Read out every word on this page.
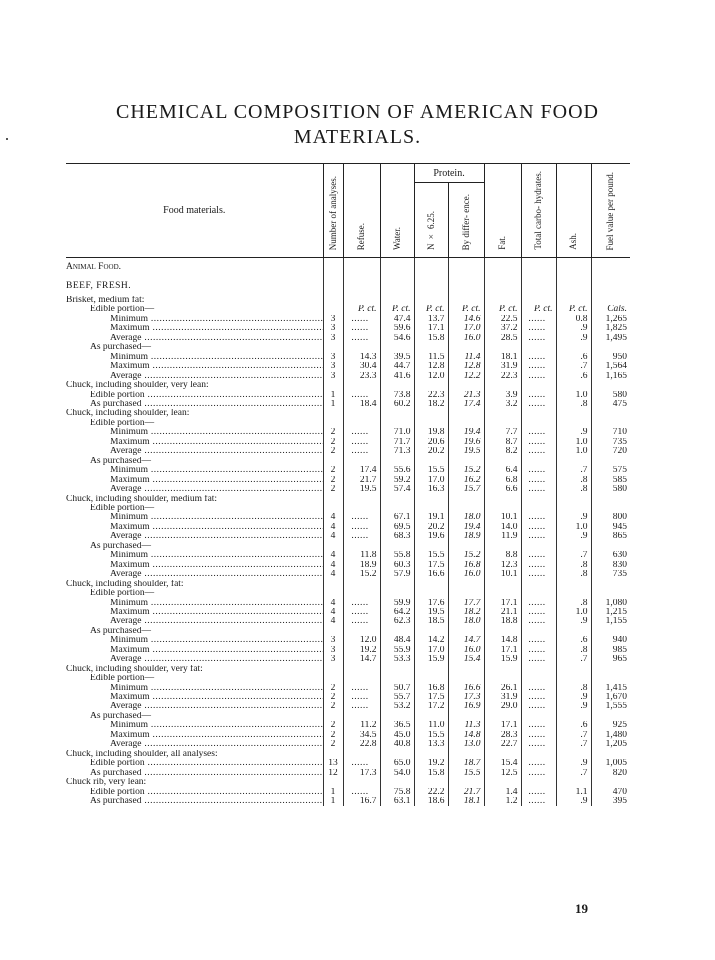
CHEMICAL COMPOSITION OF AMERICAN FOOD
MATERIALS.
Food materials.	Number of analyses.	Refuse.	Water.	Protein.		Fat.	Total carbo- hydrates.	Ash.	Fuel value per pound.
				N × 6.25.	By differ- ence.				
Animal Food.									
BEEF, FRESH.									
Brisket, medium fat:									
Edible portion—		P. ct.	P. ct.	P. ct.	P. ct.	P. ct.	P. ct.	P. ct.	Cals.
Minimum .....	3	......	47.4	13.7	14.6	22.5	......	0.8	1,265
Maximum .....	3	......	59.6	17.1	17.0	37.2	......	.9	1,825
Average .....	3	......	54.6	15.8	16.0	28.5	......	.9	1,495
As purchased—									
Minimum .....	3	14.3	39.5	11.5	11.4	18.1	......	.6	950
Maximum .....	3	30.4	44.7	12.8	12.8	31.9	......	.7	1,564
Average .....	3	23.3	41.6	12.0	12.2	22.3	......	.6	1,165
Chuck, including shoulder, very lean:									
Edible portion .....	1	......	73.8	22.3	21.3	3.9	......	1.0	580
As purchased .....	1	18.4	60.2	18.2	17.4	3.2	......	.8	475
Chuck, including shoulder, lean:									
Edible portion—									
Minimum .....	2	......	71.0	19.8	19.4	7.7	......	.9	710
Maximum .....	2	......	71.7	20.6	19.6	8.7	......	1.0	735
Average .....	2	......	71.3	20.2	19.5	8.2	......	1.0	720
As purchased—									
Minimum .....	2	17.4	55.6	15.5	15.2	6.4	......	.7	575
Maximum .....	2	21.7	59.2	17.0	16.2	6.8	......	.8	585
Average .....	2	19.5	57.4	16.3	15.7	6.6	......	.8	580
Chuck, including shoulder, medium fat:									
Edible portion—									
Minimum .....	4	......	67.1	19.1	18.0	10.1	......	.9	800
Maximum .....	4	......	69.5	20.2	19.4	14.0	......	1.0	945
Average .....	4	......	68.3	19.6	18.9	11.9	......	.9	865
As purchased—									
Minimum .....	4	11.8	55.8	15.5	15.2	8.8	......	.7	630
Maximum .....	4	18.9	60.3	17.5	16.8	12.3	......	.8	830
Average .....	4	15.2	57.9	16.6	16.0	10.1	......	.8	735
Chuck, including shoulder, fat:									
Edible portion—									
Minimum .....	4	......	59.9	17.6	17.7	17.1	......	.8	1,080
Maximum .....	4	......	64.2	19.5	18.2	21.1	......	1.0	1,215
Average .....	4	......	62.3	18.5	18.0	18.8	......	.9	1,155
As purchased—									
Minimum .....	3	12.0	48.4	14.2	14.7	14.8	......	.6	940
Maximum .....	3	19.2	55.9	17.0	16.0	17.1	......	.8	985
Average .....	3	14.7	53.3	15.9	15.4	15.9	......	.7	965
Chuck, including shoulder, very fat:									
Edible portion—									
Minimum .....	2	......	50.7	16.8	16.6	26.1	......	.8	1,415
Maximum .....	2	......	55.7	17.5	17.3	31.9	......	.9	1,670
Average .....	2	......	53.2	17.2	16.9	29.0	......	.9	1,555
As purchased—									
Minimum .....	2	11.2	36.5	11.0	11.3	17.1	......	.6	925
Maximum .....	2	34.5	45.0	15.5	14.8	28.3	......	.7	1,480
Average .....	2	22.8	40.8	13.3	13.0	22.7	......	.7	1,205
Chuck, including shoulder, all analyses:									
Edible portion .....	13	......	65.0	19.2	18.7	15.4	......	.9	1,005
As purchased .....	12	17.3	54.0	15.8	15.5	12.5	......	.7	820
Chuck rib, very lean:									
Edible portion .....	1	......	75.8	22.2	21.7	1.4	......	1.1	470
As purchased .....	1	16.7	63.1	18.6	18.1	1.2	......	.9	395
19
